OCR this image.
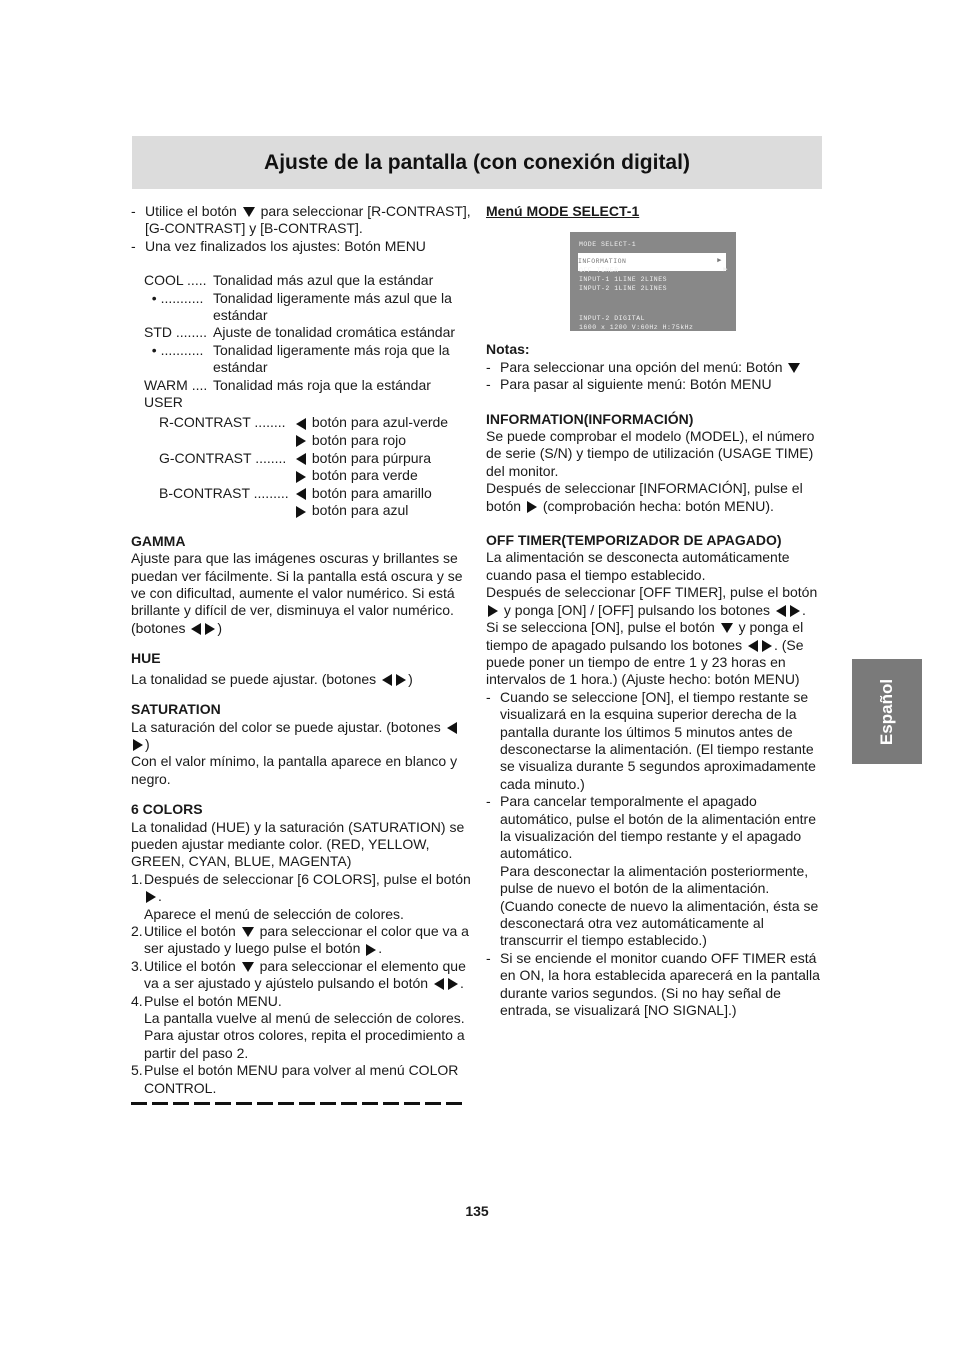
Ajuste de la pantalla (con conexión digital)
Español

- Utilice el botón  para seleccionar [R-CONTRAST], [G-CONTRAST] y [B-CONTRAST].

- Una vez finalizados los ajustes: Botón MENU

COOL ..... Tonalidad más azul que la estándar
• ........... Tonalidad ligeramente más azul que la estándar
STD ........ Ajuste de tonalidad cromática estándar
• ........... Tonalidad ligeramente más roja que la estándar
WARM .... Tonalidad más roja que la estándar

USER

R-CONTRAST ........	botón para azul-verde
botón para rojo
G-CONTRAST ........	botón para púrpura
botón para verde
B-CONTRAST .........	botón para amarillo
botón para azul

GAMMA

Ajuste para que las imágenes oscuras y brillantes se puedan ver fácilmente. Si la pantalla está oscura y se ve con dificultad, aumente el valor numérico. Si está brillante y difícil de ver, disminuya el valor numérico. (botones )

HUE

La tonalidad se puede ajustar. (botones )

SATURATION

La saturación del color se puede ajustar. (botones )

Con el valor mínimo, la pantalla aparece en blanco y negro.

6 COLORS

La tonalidad (HUE) y la saturación (SATURATION) se pueden ajustar mediante color. (RED, YELLOW, GREEN, CYAN, BLUE, MAGENTA)

1. Después de seleccionar [6 COLORS], pulse el botón .

Aparece el menú de selección de colores.

2. Utilice el botón  para seleccionar el color que va a ser ajustado y luego pulse el botón .

3. Utilice el botón  para seleccionar el elemento que va a ser ajustado y ajústelo pulsando el botón .

4. Pulse el botón MENU.

La pantalla vuelve al menú de selección de colores. Para ajustar otros colores, repita el procedimiento a partir del paso 2.

5. Pulse el botón MENU para volver al menú COLOR CONTROL.

Menú MODE SELECT-1

MODE SELECT-1
INFORMATION	▶
OFF TIMER	▶
INPUT-1 1LINE 2LINES
INPUT-2 1LINE 2LINES
INPUT-2 DIGITAL
1600 x 1200 V:60Hz H:75kHz

Notas:

- Para seleccionar una opción del menú: Botón

- Para pasar al siguiente menú: Botón MENU

INFORMATION(INFORMACIÓN)

Se puede comprobar el modelo (MODEL), el número de serie (S/N) y tiempo de utilización (USAGE TIME) del monitor.

Después de seleccionar [INFORMACIÓN], pulse el botón  (comprobación hecha: botón MENU).

OFF TIMER(TEMPORIZADOR DE APAGADO)

La alimentación se desconecta automáticamente cuando pasa el tiempo establecido.

Después de seleccionar [OFF TIMER], pulse el botón  y ponga [ON] / [OFF] pulsando los botones .

Si se selecciona [ON], pulse el botón  y ponga el tiempo de apagado pulsando los botones . (Se puede poner un tiempo de entre 1 y 23 horas en intervalos de 1 hora.) (Ajuste hecho: botón MENU)

- Cuando se seleccione [ON], el tiempo restante se visualizará en la esquina superior derecha de la pantalla durante los últimos 5 minutos antes de desconectarse la alimentación. (El tiempo restante se visualiza durante 5 segundos aproximadamente cada minuto.)

- Para cancelar temporalmente el apagado automático, pulse el botón de la alimentación entre la visualización del tiempo restante y el apagado automático.

Para desconectar la alimentación posteriormente, pulse de nuevo el botón de la alimentación. (Cuando conecte de nuevo la alimentación, ésta se desconectará otra vez automáticamente al transcurrir el tiempo establecido.)

- Si se enciende el monitor cuando OFF TIMER está en ON, la hora establecida aparecerá en la pantalla durante varios segundos. (Si no hay señal de entrada, se visualizará [NO SIGNAL].)

135
